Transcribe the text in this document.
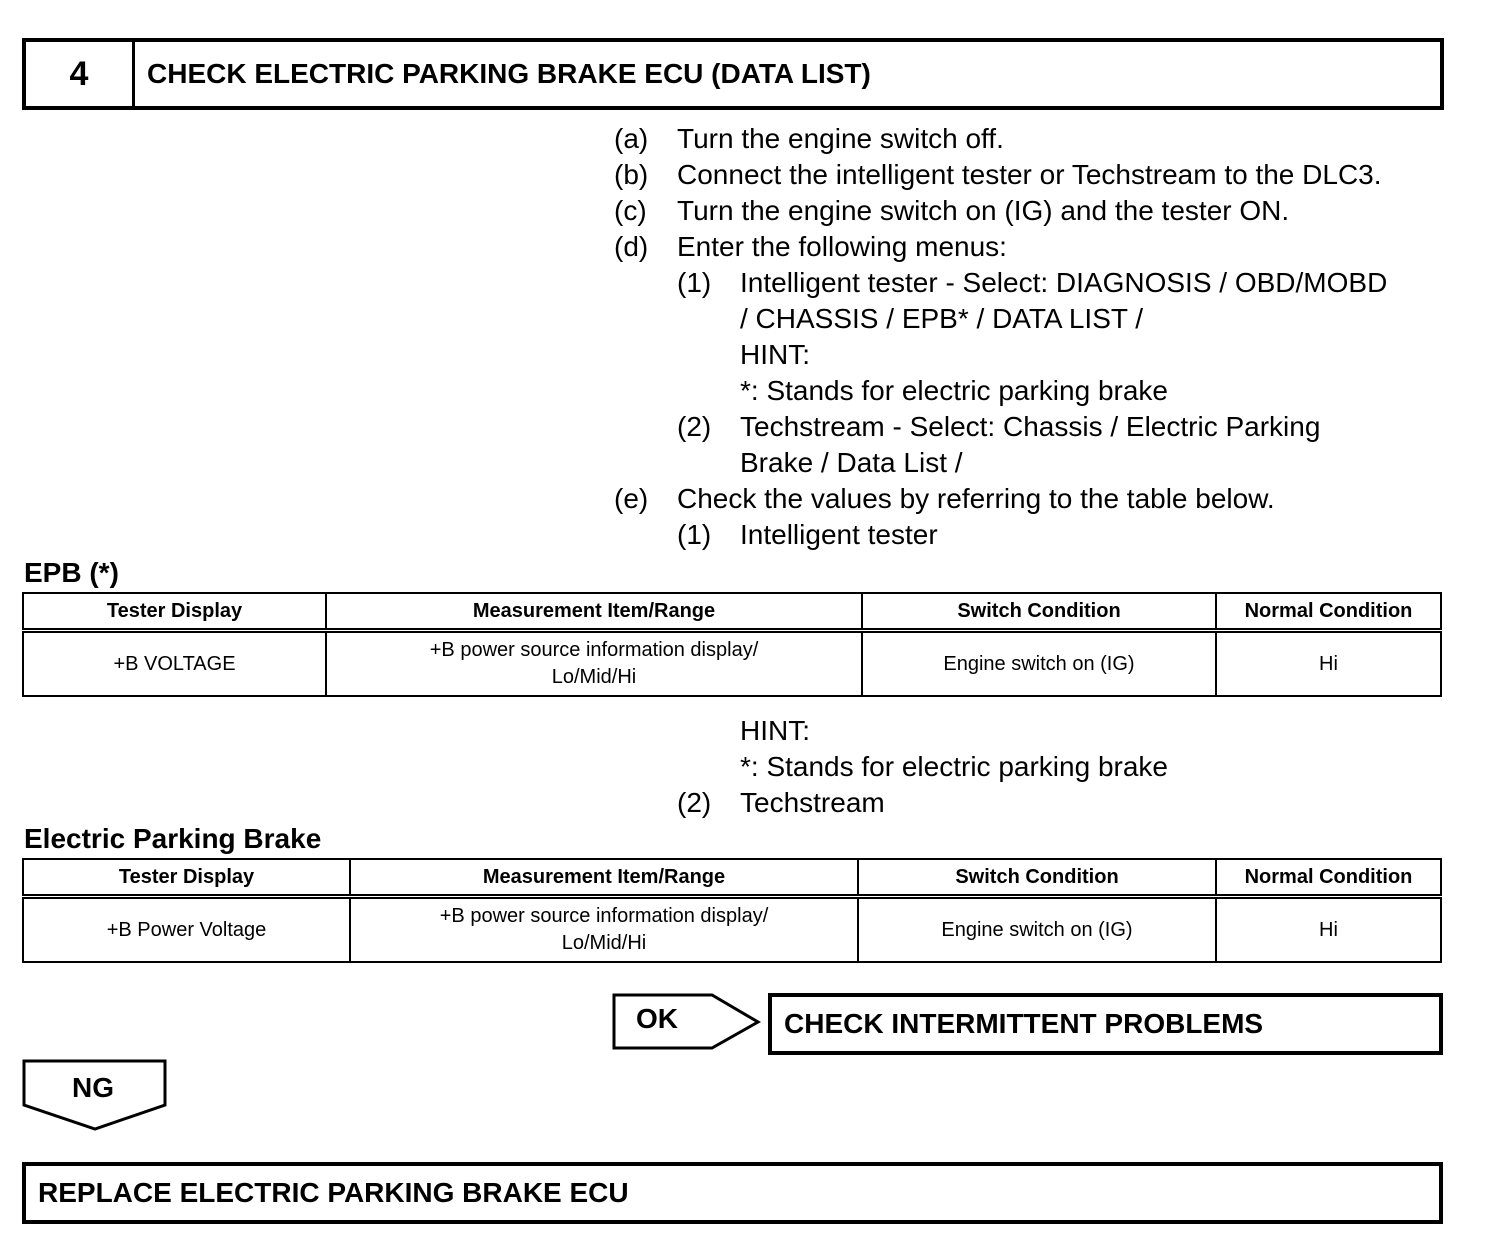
4	CHECK ELECTRIC PARKING BRAKE ECU (DATA LIST)
(a) Turn the engine switch off.
(b) Connect the intelligent tester or Techstream to the DLC3.
(c) Turn the engine switch on (IG) and the tester ON.
(d) Enter the following menus:
(1) Intelligent tester - Select: DIAGNOSIS / OBD/MOBD
/ CHASSIS / EPB* / DATA LIST /
HINT:
*: Stands for electric parking brake
(2) Techstream - Select: Chassis / Electric Parking
Brake / Data List /
(e) Check the values by referring to the table below.
(1) Intelligent tester
EPB (*)
Tester Display	Measurement Item/Range	Switch Condition	Normal Condition
+B VOLTAGE	+B power source information display/
Lo/Mid/Hi	Engine switch on (IG)	Hi
HINT:
*: Stands for electric parking brake
(2) Techstream
Electric Parking Brake
Tester Display	Measurement Item/Range	Switch Condition	Normal Condition
+B Power Voltage	+B power source information display/
Lo/Mid/Hi	Engine switch on (IG)	Hi
OK	CHECK INTERMITTENT PROBLEMS
NG
REPLACE ELECTRIC PARKING BRAKE ECU
